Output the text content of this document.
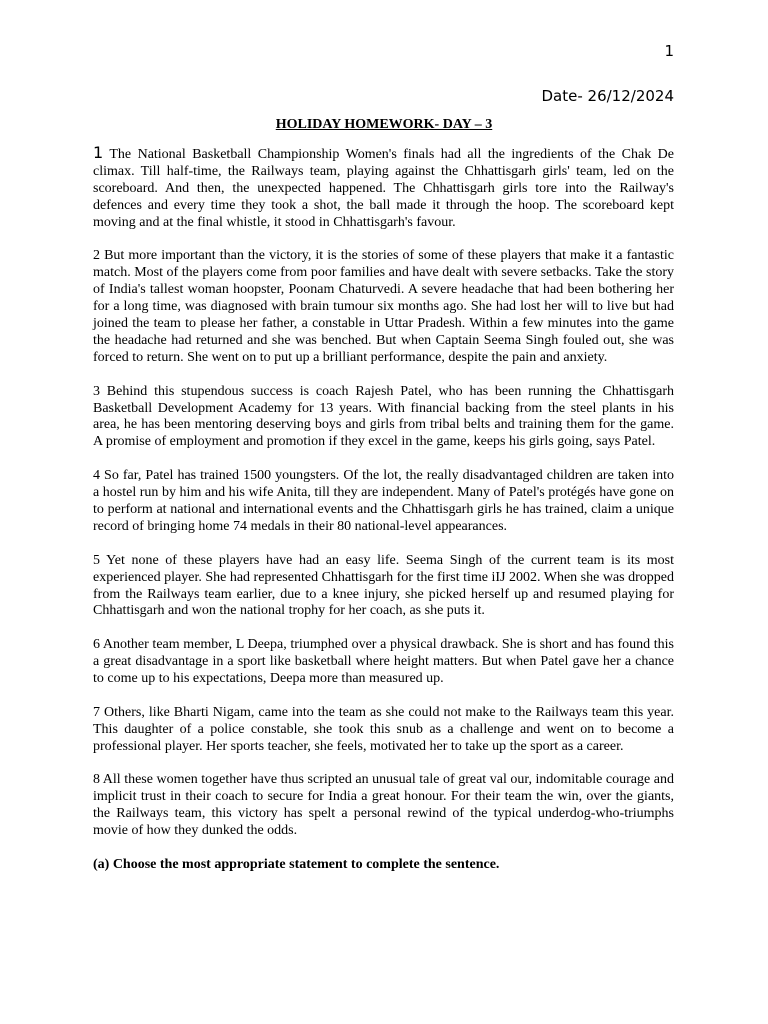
1
Date- 26/12/2024
HOLIDAY HOMEWORK- DAY – 3

1 The National Basketball Championship Women's finals had all the ingredients of the Chak De climax. Till half-time, the Railways team, playing against the Chhattisgarh girls' team, led on the scoreboard. And then, the unexpected happened. The Chhattisgarh girls tore into the Railway's defences and every time they took a shot, the ball made it through the hoop. The scoreboard kept moving and at the final whistle, it stood in Chhattisgarh's favour.

2 But more important than the victory, it is the stories of some of these players that make it a fantastic match. Most of the players come from poor families and have dealt with severe setbacks. Take the story of India's tallest woman hoopster, Poonam Chaturvedi. A severe headache that had been bothering her for a long time, was diagnosed with brain tumour six months ago. She had lost her will to live but had joined the team to please her father, a constable in Uttar Pradesh. Within a few minutes into the game the headache had returned and she was benched. But when Captain Seema Singh fouled out, she was forced to return. She went on to put up a brilliant performance, despite the pain and anxiety.

3 Behind this stupendous success is coach Rajesh Patel, who has been running the Chhattisgarh Basketball Development Academy for 13 years. With financial backing from the steel plants in his area, he has been mentoring deserving boys and girls from tribal belts and training them for the game. A promise of employment and promotion if they excel in the game, keeps his girls going, says Patel.

4 So far, Patel has trained 1500 youngsters. Of the lot, the really disadvantaged children are taken into a hostel run by him and his wife Anita, till they are independent. Many of Patel's protégés have gone on to perform at national and international events and the Chhattisgarh girls he has trained, claim a unique record of bringing home 74 medals in their 80 national-level appearances.

5 Yet none of these players have had an easy life. Seema Singh of the current team is its most experienced player. She had represented Chhattisgarh for the first time iIJ 2002. When she was dropped from the Railways team earlier, due to a knee injury, she picked herself up and resumed playing for Chhattisgarh and won the national trophy for her coach, as she puts it.

6 Another team member, L Deepa, triumphed over a physical drawback. She is short and has found this a great disadvantage in a sport like basketball where height matters. But when Patel gave her a chance to come up to his expectations, Deepa more than measured up.

7 Others, like Bharti Nigam, came into the team as she could not make to the Railways team this year. This daughter of a police constable, she took this snub as a challenge and went on to become a professional player. Her sports teacher, she feels, motivated her to take up the sport as a career.

8 All these women together have thus scripted an unusual tale of great val our, indomitable courage and implicit trust in their coach to secure for India a great honour. For their team the win, over the giants, the Railways team, this victory has spelt a personal rewind of the typical underdog-who-triumphs movie of how they dunked the odds.

(a) Choose the most appropriate statement to complete the sentence.
